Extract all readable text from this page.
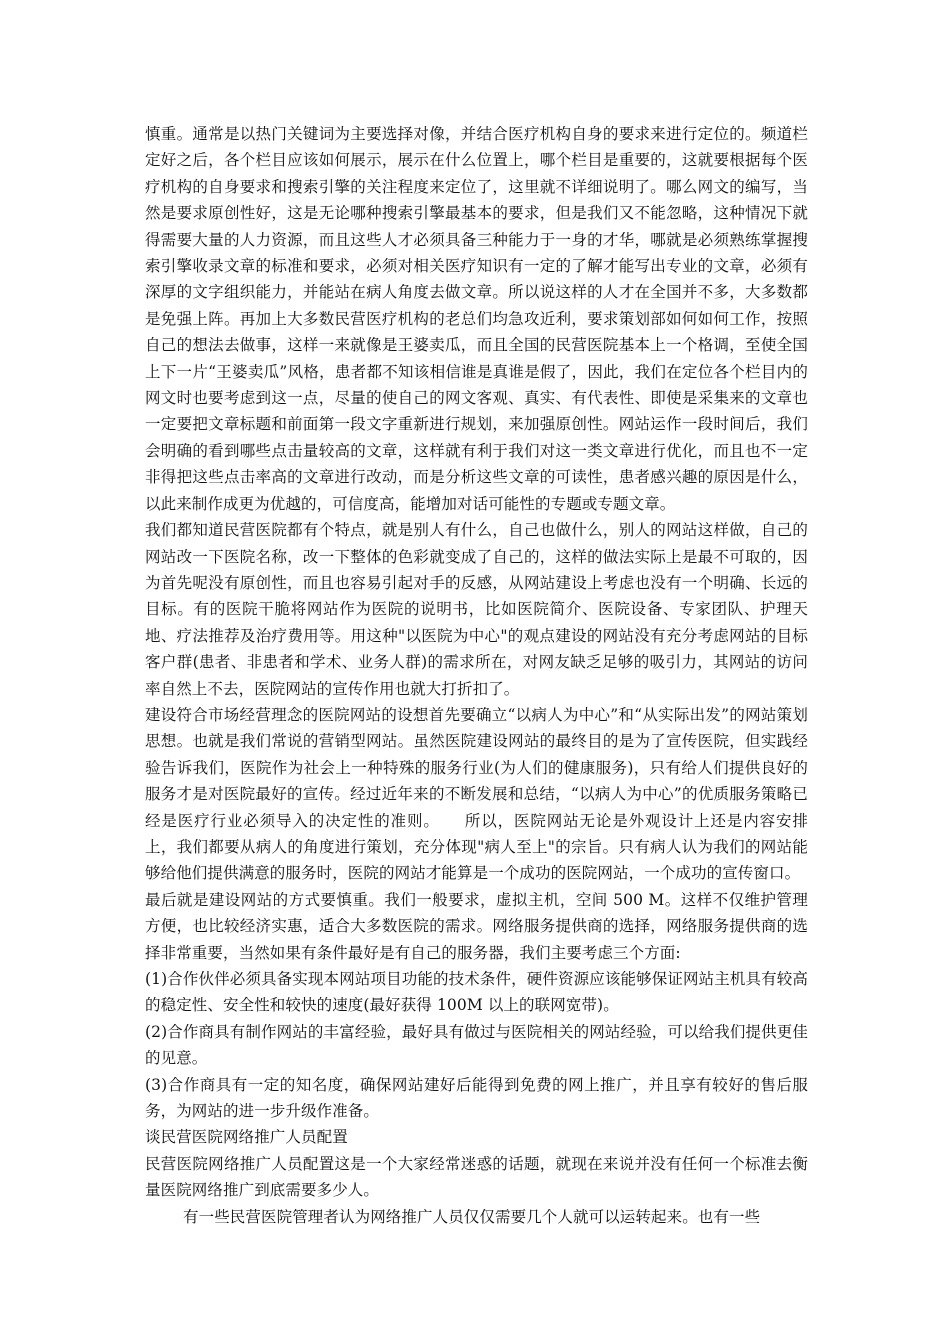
慎重。通常是以热门关键词为主要选择对像，并结合医疗机构自身的要求来进行定位的。频道栏定好之后，各个栏目应该如何展示，展示在什么位置上，哪个栏目是重要的，这就要根据每个医疗机构的自身要求和搜索引擎的关注程度来定位了，这里就不详细说明了。哪么网文的编写，当然是要求原创性好，这是无论哪种搜索引擎最基本的要求，但是我们又不能忽略，这种情况下就得需要大量的人力资源，而且这些人才必须具备三种能力于一身的才华，哪就是必须熟练掌握搜索引擎收录文章的标准和要求，必须对相关医疗知识有一定的了解才能写出专业的文章，必须有深厚的文字组织能力，并能站在病人角度去做文章。所以说这样的人才在全国并不多，大多数都是免强上阵。再加上大多数民营医疗机构的老总们均急攻近利，要求策划部如何如何工作，按照自己的想法去做事，这样一来就像是王婆卖瓜，而且全国的民营医院基本上一个格调，至使全国上下一片“王婆卖瓜”风格，患者都不知该相信谁是真谁是假了，因此，我们在定位各个栏目内的网文时也要考虑到这一点，尽量的使自己的网文客观、真实、有代表性、即使是采集来的文章也一定要把文章标题和前面第一段文字重新进行规划，来加强原创性。网站运作一段时间后，我们会明确的看到哪些点击量较高的文章，这样就有利于我们对这一类文章进行优化，而且也不一定非得把这些点击率高的文章进行改动，而是分析这些文章的可读性，患者感兴趣的原因是什么，以此来制作成更为优越的，可信度高，能增加对话可能性的专题或专题文章。

我们都知道民营医院都有个特点，就是别人有什么，自己也做什么，别人的网站这样做，自己的网站改一下医院名称，改一下整体的色彩就变成了自己的，这样的做法实际上是最不可取的，因为首先呢没有原创性，而且也容易引起对手的反感，从网站建设上考虑也没有一个明确、长远的目标。有的医院干脆将网站作为医院的说明书，比如医院简介、医院设备、专家团队、护理天地、疗法推荐及治疗费用等。用这种"以医院为中心"的观点建设的网站没有充分考虑网站的目标客户群(患者、非患者和学术、业务人群)的需求所在，对网友缺乏足够的吸引力，其网站的访问率自然上不去，医院网站的宣传作用也就大打折扣了。

建设符合市场经营理念的医院网站的设想首先要确立“以病人为中心”和“从实际出发”的网站策划思想。也就是我们常说的营销型网站。虽然医院建设网站的最终目的是为了宣传医院，但实践经验告诉我们，医院作为社会上一种特殊的服务行业(为人们的健康服务)，只有给人们提供良好的服务才是对医院最好的宣传。经过近年来的不断发展和总结，“以病人为中心”的优质服务策略已经是医疗行业必须导入的决定性的准则。　　所以，医院网站无论是外观设计上还是内容安排上，我们都要从病人的角度进行策划，充分体现"病人至上"的宗旨。只有病人认为我们的网站能够给他们提供满意的服务时，医院的网站才能算是一个成功的医院网站，一个成功的宣传窗口。

最后就是建设网站的方式要慎重。我们一般要求，虚拟主机，空间 500 M。这样不仅维护管理方便，也比较经济实惠，适合大多数医院的需求。网络服务提供商的选择，网络服务提供商的选择非常重要，当然如果有条件最好是有自己的服务器，我们主要考虑三个方面:

(1)合作伙伴必须具备实现本网站项目功能的技术条件，硬件资源应该能够保证网站主机具有较高的稳定性、安全性和较快的速度(最好获得 100M 以上的联网宽带)。

(2)合作商具有制作网站的丰富经验，最好具有做过与医院相关的网站经验，可以给我们提供更佳的见意。

(3)合作商具有一定的知名度，确保网站建好后能得到免费的网上推广，并且享有较好的售后服务，为网站的进一步升级作准备。

谈民营医院网络推广人员配置

民营医院网络推广人员配置这是一个大家经常迷惑的话题，就现在来说并没有任何一个标准去衡量医院网络推广到底需要多少人。

有一些民营医院管理者认为网络推广人员仅仅需要几个人就可以运转起来。也有一些
